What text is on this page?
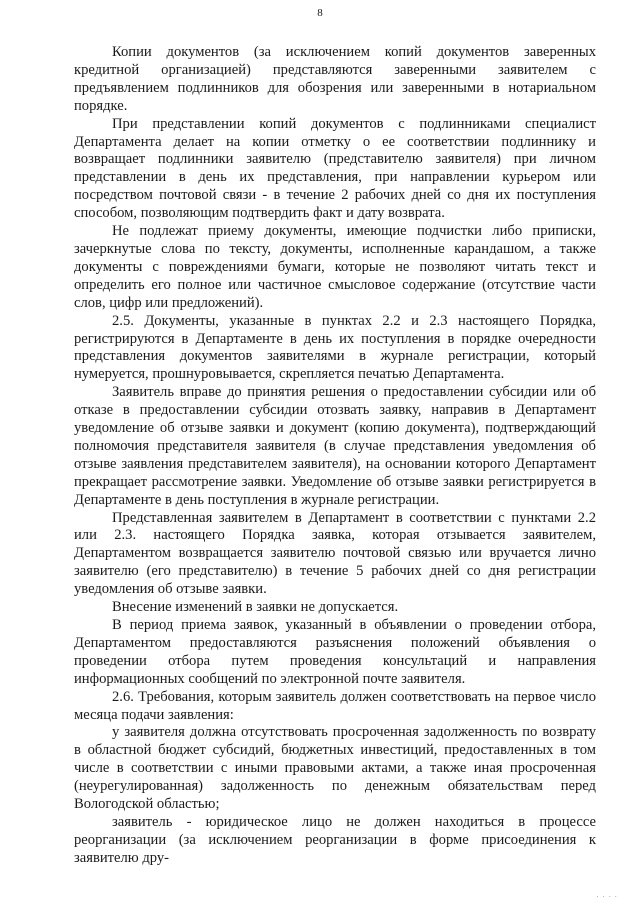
8

Копии документов (за исключением копий документов заверенных кредитной организацией) представляются заверенными заявителем с предъявлением подлинников для обозрения или заверенными в нотариальном порядке.

При представлении копий документов с подлинниками специалист Департамента делает на копии отметку о ее соответствии подлиннику и возвращает подлинники заявителю (представителю заявителя) при личном представлении в день их представления, при направлении курьером или посредством почтовой связи - в течение 2 рабочих дней со дня их поступления способом, позволяющим подтвердить факт и дату возврата.

Не подлежат приему документы, имеющие подчистки либо приписки, зачеркнутые слова по тексту, документы, исполненные карандашом, а также документы с повреждениями бумаги, которые не позволяют читать текст и определить его полное или частичное смысловое содержание (отсутствие части слов, цифр или предложений).

2.5. Документы, указанные в пунктах 2.2 и 2.3 настоящего Порядка, регистрируются в Департаменте в день их поступления в порядке очередности представления документов заявителями в журнале регистрации, который нумеруется, прошнуровывается, скрепляется печатью Департамента.

Заявитель вправе до принятия решения о предоставлении субсидии или об отказе в предоставлении субсидии отозвать заявку, направив в Департамент уведомление об отзыве заявки и документ (копию документа), подтверждающий полномочия представителя заявителя (в случае представления уведомления об отзыве заявления представителем заявителя), на основании которого Департамент прекращает рассмотрение заявки. Уведомление об отзыве заявки регистрируется в Департаменте в день поступления в журнале регистрации.

Представленная заявителем в Департамент в соответствии с пунктами 2.2 или 2.3. настоящего Порядка заявка, которая отзывается заявителем, Департаментом возвращается заявителю почтовой связью или вручается лично заявителю (его представителю) в течение 5 рабочих дней со дня регистрации уведомления об отзыве заявки.

Внесение изменений в заявки не допускается.

В период приема заявок, указанный в объявлении о проведении отбора, Департаментом предоставляются разъяснения положений объявления о проведении отбора путем проведения консультаций и направления информационных сообщений по электронной почте заявителя.

2.6. Требования, которым заявитель должен соответствовать на первое число месяца подачи заявления:

у заявителя должна отсутствовать просроченная задолженность по возврату в областной бюджет субсидий, бюджетных инвестиций, предоставленных в том числе в соответствии с иными правовыми актами, а также иная просроченная (неурегулированная) задолженность по денежным обязательствам перед Вологодской областью;

заявитель - юридическое лицо не должен находиться в процессе реорганизации (за исключением реорганизации в форме присоединения к заявителю дру-

· · · ·
